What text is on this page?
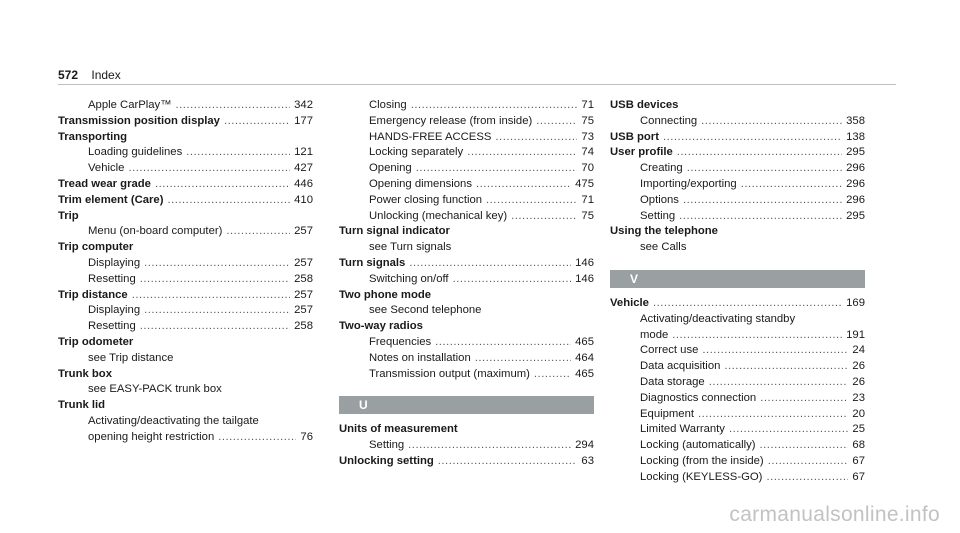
572 Index
Apple CarPlay™ .....	342
Transmission position display .....	177
Transporting
Loading guidelines .....	121
Vehicle .....	427
Tread wear grade .....	446
Trim element (Care) .....	410
Trip
Menu (on-board computer) .....	257
Trip computer
Displaying .....	257
Resetting .....	258
Trip distance .....	257
Displaying .....	257
Resetting .....	258
Trip odometer
see Trip distance
Trunk box
see EASY-PACK trunk box
Trunk lid
Activating/deactivating the tailgate
opening height restriction .....	76
Closing .....	71
Emergency release (from inside) .....	75
HANDS-FREE ACCESS .....	73
Locking separately .....	74
Opening .....	70
Opening dimensions .....	475
Power closing function .....	71
Unlocking (mechanical key) .....	75
Turn signal indicator
see Turn signals
Turn signals .....	146
Switching on/off .....	146
Two phone mode
see Second telephone
Two-way radios
Frequencies .....	465
Notes on installation .....	464
Transmission output (maximum) .....	465
U
Units of measurement
Setting .....	294
Unlocking setting .....	63
USB devices
Connecting .....	358
USB port .....	138
User profile .....	295
Creating .....	296
Importing/exporting .....	296
Options .....	296
Setting .....	295
Using the telephone
see Calls
V
Vehicle .....	169
Activating/deactivating standby
mode .....	191
Correct use .....	24
Data acquisition .....	26
Data storage .....	26
Diagnostics connection .....	23
Equipment .....	20
Limited Warranty .....	25
Locking (automatically) .....	68
Locking (from the inside) .....	67
Locking (KEYLESS-GO) .....	67
carmanualsonline.info
